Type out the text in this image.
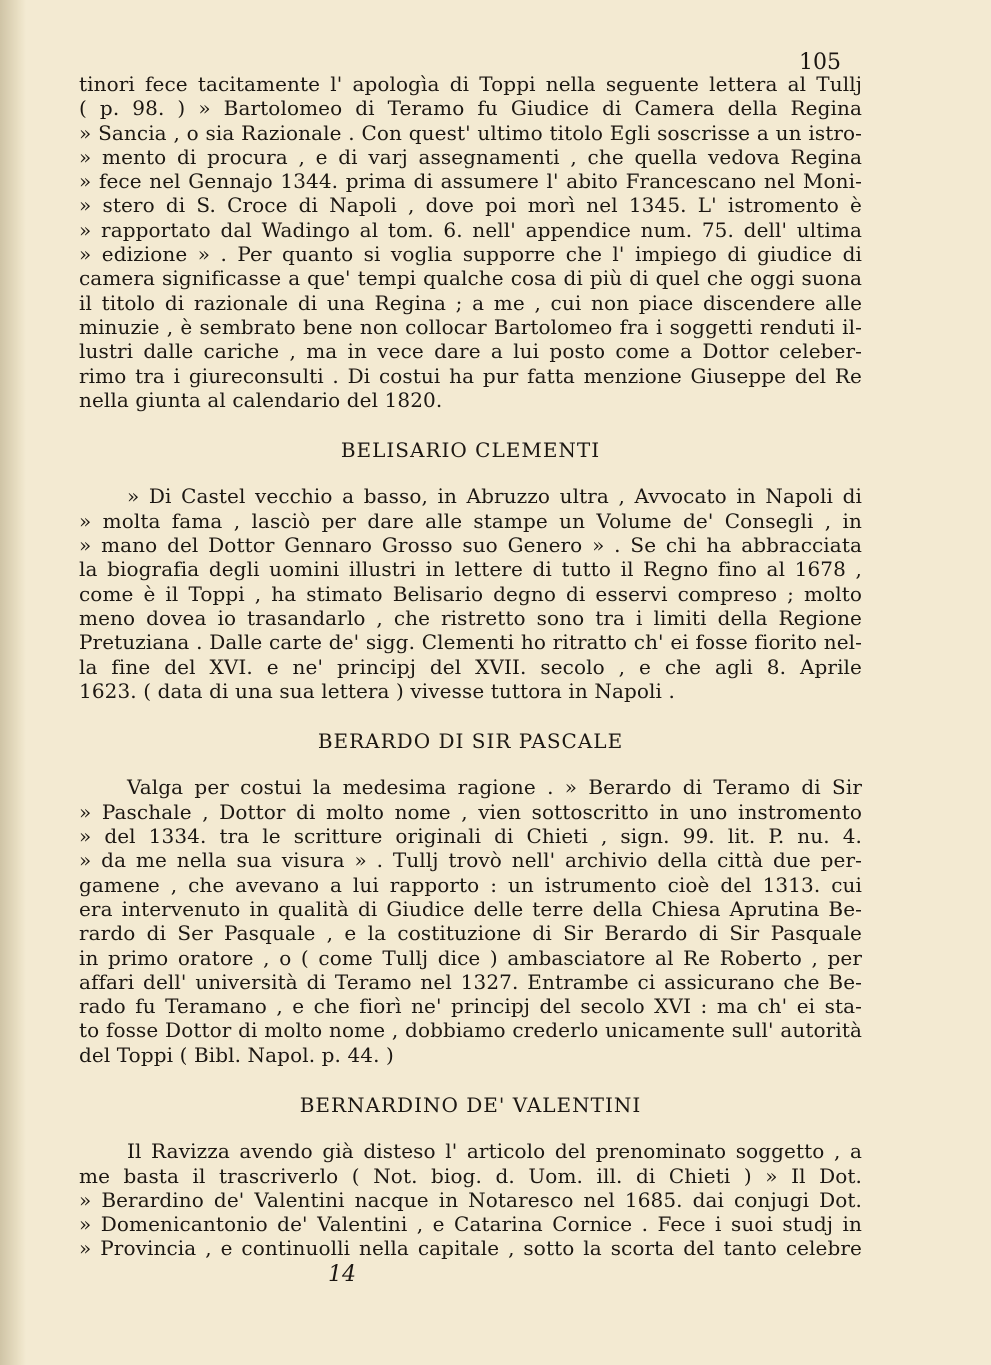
105
tinori fece tacitamente l' apologìa di Toppi nella seguente lettera al Tullj
( p. 98. ) » Bartolomeo di Teramo fu Giudice di Camera della Regina
» Sancia , o sia Razionale . Con quest' ultimo titolo Egli soscrisse a un istro-
» mento di procura , e di varj assegnamenti , che quella vedova Regina
» fece nel Gennajo 1344. prima di assumere l' abito Francescano nel Moni-
» stero di S. Croce di Napoli , dove poi morì nel 1345. L' istromento è
» rapportato dal Wadingo al tom. 6. nell' appendice num. 75. dell' ultima
» edizione » . Per quanto si voglia supporre che l' impiego di giudice di
camera significasse a que' tempi qualche cosa di più di quel che oggi suona
il titolo di razionale di una Regina ; a me , cui non piace discendere alle
minuzie , è sembrato bene non collocar Bartolomeo fra i soggetti renduti il-
lustri dalle cariche , ma in vece dare a lui posto come a Dottor celeber-
rimo tra i giureconsulti . Di costui ha pur fatta menzione Giuseppe del Re
nella giunta al calendario del 1820.
BELISARIO CLEMENTI
» Di Castel vecchio a basso, in Abruzzo ultra , Avvocato in Napoli di
» molta fama , lasciò per dare alle stampe un Volume de' Consegli , in
» mano del Dottor Gennaro Grosso suo Genero » . Se chi ha abbracciata
la biografia degli uomini illustri in lettere di tutto il Regno fino al 1678 ,
come è il Toppi , ha stimato Belisario degno di esservi compreso ; molto
meno dovea io trasandarlo , che ristretto sono tra i limiti della Regione
Pretuziana . Dalle carte de' sigg. Clementi ho ritratto ch' ei fosse fiorito nel-
la fine del XVI. e ne' principj del XVII. secolo , e che agli 8. Aprile
1623. ( data di una sua lettera ) vivesse tuttora in Napoli .
BERARDO DI SIR PASCALE
Valga per costui la medesima ragione . » Berardo di Teramo di Sir
» Paschale , Dottor di molto nome , vien sottoscritto in uno instromento
» del 1334. tra le scritture originali di Chieti , sign. 99. lit. P. nu. 4.
» da me nella sua visura » . Tullj trovò nell' archivio della città due per-
gamene , che avevano a lui rapporto : un istrumento cioè del 1313. cui
era intervenuto in qualità di Giudice delle terre della Chiesa Aprutina Be-
rardo di Ser Pasquale , e la costituzione di Sir Berardo di Sir Pasquale
in primo oratore , o ( come Tullj dice ) ambasciatore al Re Roberto , per
affari dell' università di Teramo nel 1327. Entrambe ci assicurano che Be-
rado fu Teramano , e che fiorì ne' principj del secolo XVI : ma ch' ei sta-
to fosse Dottor di molto nome , dobbiamo crederlo unicamente sull' autorità
del Toppi ( Bibl. Napol. p. 44. )
BERNARDINO DE' VALENTINI
Il Ravizza avendo già disteso l' articolo del prenominato soggetto , a
me basta il trascriverlo ( Not. biog. d. Uom. ill. di Chieti ) » Il Dot.
» Berardino de' Valentini nacque in Notaresco nel 1685. dai conjugi Dot.
» Domenicantonio de' Valentini , e Catarina Cornice . Fece i suoi studj in
» Provincia , e continuolli nella capitale , sotto la scorta del tanto celebre
14
